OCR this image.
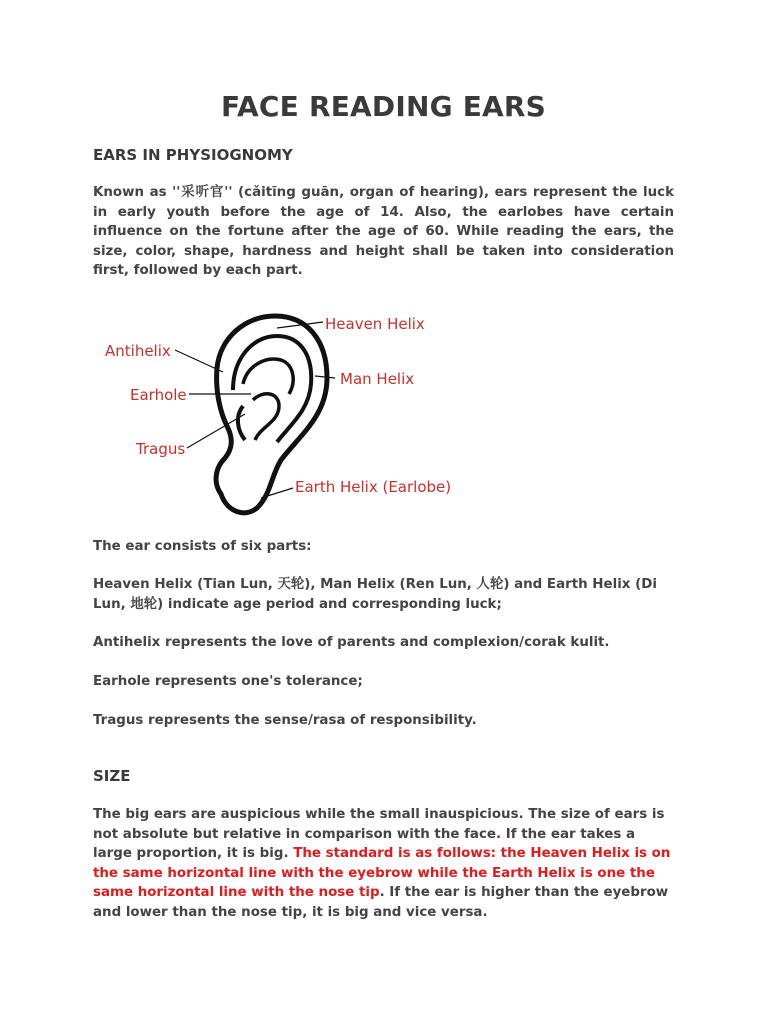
FACE READING EARS
EARS IN PHYSIOGNOMY

Known as ''采听官'' (cǎitīng guān, organ of hearing), ears represent the luck in early youth before the age of 14. Also, the earlobes have certain influence on the fortune after the age of 60. While reading the ears, the size, color, shape, hardness and height shall be taken into consideration first, followed by each part.

Heaven Helix
Antihelix
Man Helix
Earhole
Tragus
Earth Helix (Earlobe)

The ear consists of six parts:

Heaven Helix (Tian Lun, 天轮), Man Helix (Ren Lun, 人轮) and Earth Helix (Di Lun, 地轮) indicate age period and corresponding luck;

Antihelix represents the love of parents and complexion/corak kulit.

Earhole represents one's tolerance;

Tragus represents the sense/rasa of responsibility.

SIZE

The big ears are auspicious while the small inauspicious. The size of ears is not absolute but relative in comparison with the face. If the ear takes a large proportion, it is big. The standard is as follows: the Heaven Helix is on the same horizontal line with the eyebrow while the Earth Helix is one the same horizontal line with the nose tip. If the ear is higher than the eyebrow and lower than the nose tip, it is big and vice versa.
